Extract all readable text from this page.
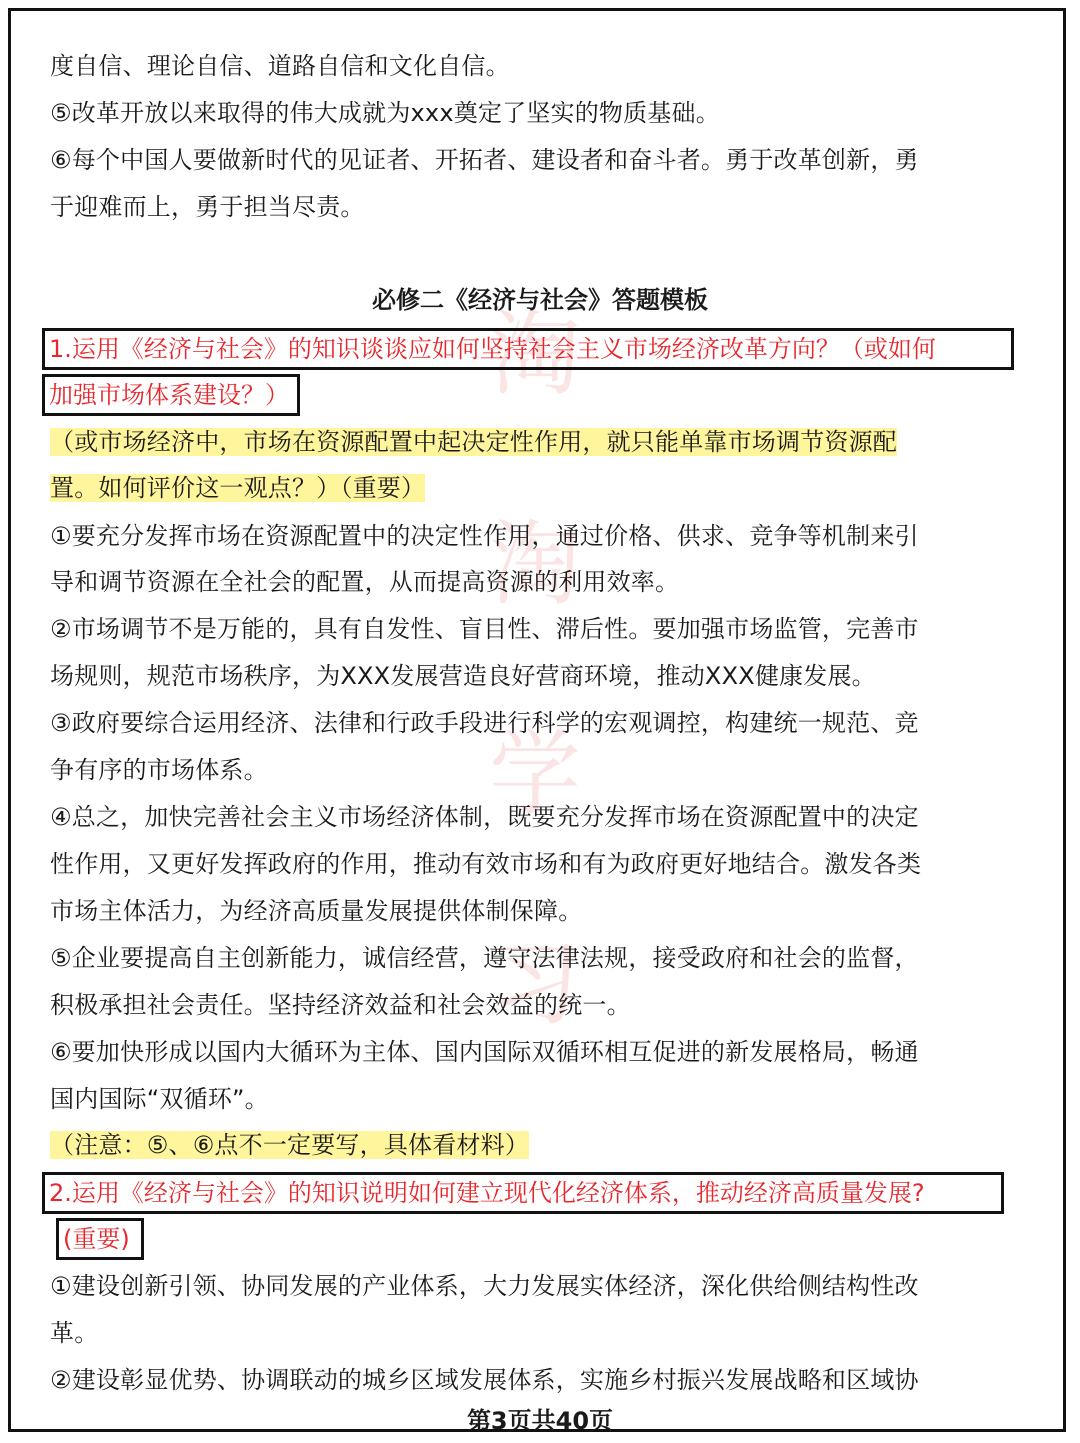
淘
淘
学
习
度自信、理论自信、道路自信和文化自信。
⑤改革开放以来取得的伟大成就为xxx奠定了坚实的物质基础。
⑥每个中国人要做新时代的见证者、开拓者、建设者和奋斗者。勇于改革创新，勇
于迎难而上，勇于担当尽责。
必修二《经济与社会》答题模板
1.运用《经济与社会》的知识谈谈应如何坚持社会主义市场经济改革方向？（或如何
加强市场体系建设？）
（或市场经济中，市场在资源配置中起决定性作用，就只能单靠市场调节资源配
置。如何评价这一观点？）（重要）
①要充分发挥市场在资源配置中的决定性作用，通过价格、供求、竞争等机制来引
导和调节资源在全社会的配置，从而提高资源的利用效率。
②市场调节不是万能的，具有自发性、盲目性、滞后性。要加强市场监管，完善市
场规则，规范市场秩序，为XXX发展营造良好营商环境，推动XXX健康发展。
③政府要综合运用经济、法律和行政手段进行科学的宏观调控，构建统一规范、竞
争有序的市场体系。
④总之，加快完善社会主义市场经济体制，既要充分发挥市场在资源配置中的决定
性作用，又更好发挥政府的作用，推动有效市场和有为政府更好地结合。激发各类
市场主体活力，为经济高质量发展提供体制保障。
⑤企业要提高自主创新能力，诚信经营，遵守法律法规，接受政府和社会的监督，
积极承担社会责任。坚持经济效益和社会效益的统一。
⑥要加快形成以国内大循环为主体、国内国际双循环相互促进的新发展格局，畅通
国内国际“双循环”。
（注意：⑤、⑥点不一定要写，具体看材料）
2.运用《经济与社会》的知识说明如何建立现代化经济体系，推动经济高质量发展?
(重要)
①建设创新引领、协同发展的产业体系，大力发展实体经济，深化供给侧结构性改
革。
②建设彰显优势、协调联动的城乡区域发展体系，实施乡村振兴发展战略和区域协
第3页共40页
